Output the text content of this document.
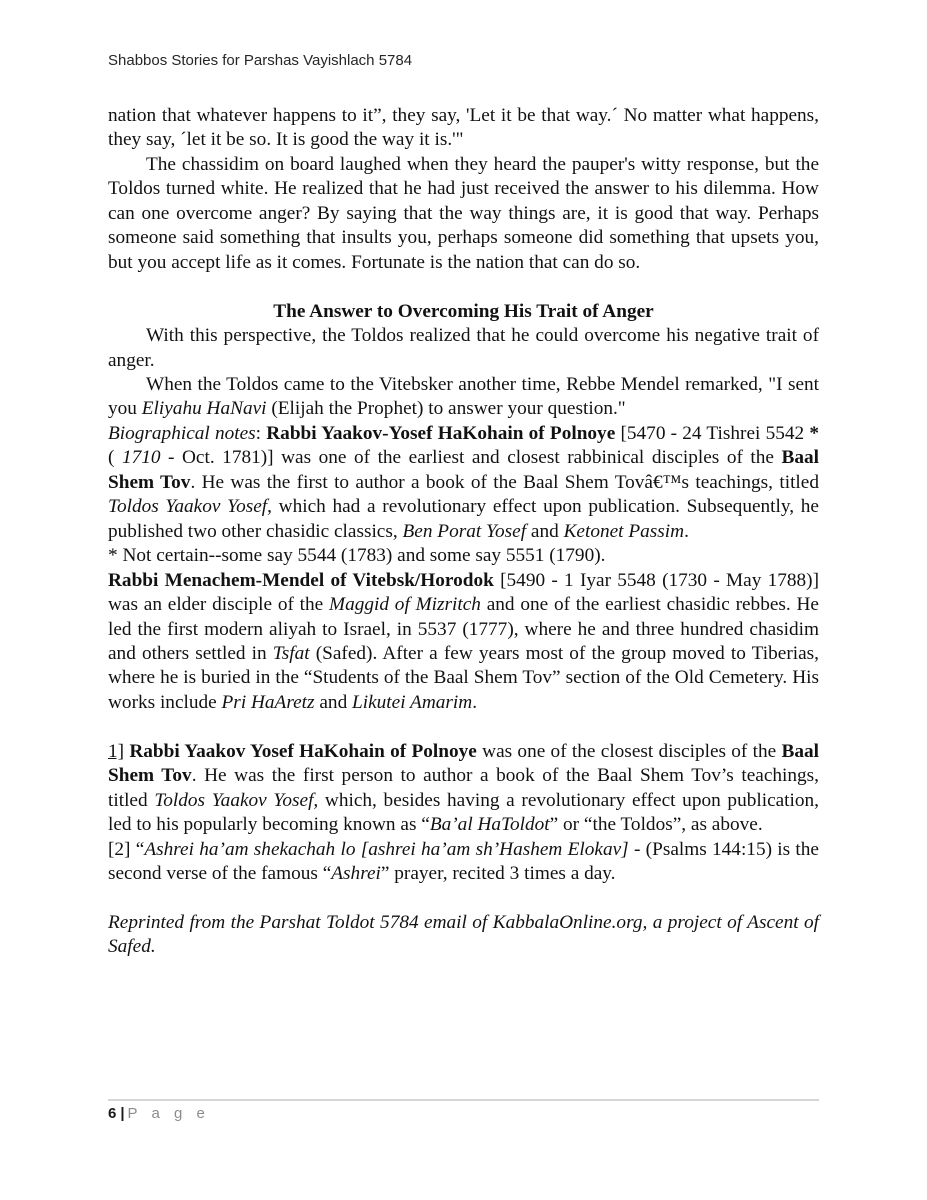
Shabbos Stories for Parshas Vayishlach 5784

nation that whatever happens to it”, they say, 'Let it be that way.´ No matter what happens, they say, ´let it be so. It is good the way it is.'"

The chassidim on board laughed when they heard the pauper's witty response, but the Toldos turned white. He realized that he had just received the answer to his dilemma. How can one overcome anger? By saying that the way things are, it is good that way. Perhaps someone said something that insults you, perhaps someone did something that upsets you, but you accept life as it comes. Fortunate is the nation that can do so.

The Answer to Overcoming His Trait of Anger

With this perspective, the Toldos realized that he could overcome his negative trait of anger.

When the Toldos came to the Vitebsker another time, Rebbe Mendel remarked, "I sent you Eliyahu HaNavi (Elijah the Prophet) to answer your question."

Biographical notes: Rabbi Yaakov-Yosef HaKohain of Polnoye [5470 - 24 Tishrei 5542 * ( 1710 - Oct. 1781)] was one of the earliest and closest rabbinical disciples of the Baal Shem Tov. He was the first to author a book of the Baal Shem Tovâ€™s teachings, titled Toldos Yaakov Yosef, which had a revolutionary effect upon publication. Subsequently, he published two other chasidic classics, Ben Porat Yosef and Ketonet Passim.

* Not certain--some say 5544 (1783) and some say 5551 (1790).

Rabbi Menachem-Mendel of Vitebsk/Horodok [5490 - 1 Iyar 5548 (1730 - May 1788)] was an elder disciple of the Maggid of Mizritch and one of the earliest chasidic rebbes. He led the first modern aliyah to Israel, in 5537 (1777), where he and three hundred chasidim and others settled in Tsfat (Safed). After a few years most of the group moved to Tiberias, where he is buried in the “Students of the Baal Shem Tov” section of the Old Cemetery. His works include Pri HaAretz and Likutei Amarim.

1] Rabbi Yaakov Yosef HaKohain of Polnoye was one of the closest disciples of the Baal Shem Tov. He was the first person to author a book of the Baal Shem Tov’s teachings, titled Toldos Yaakov Yosef, which, besides having a revolutionary effect upon publication, led to his popularly becoming known as “Ba’al HaToldot” or “the Toldos”, as above.

[2] “Ashrei ha’am shekachah lo [ashrei ha’am sh’Hashem Elokav] - (Psalms 144:15) is the second verse of the famous “Ashrei” prayer, recited 3 times a day.

Reprinted from the Parshat Toldot 5784 email of KabbalaOnline.org, a project of Ascent of Safed.

6 | P a g e
